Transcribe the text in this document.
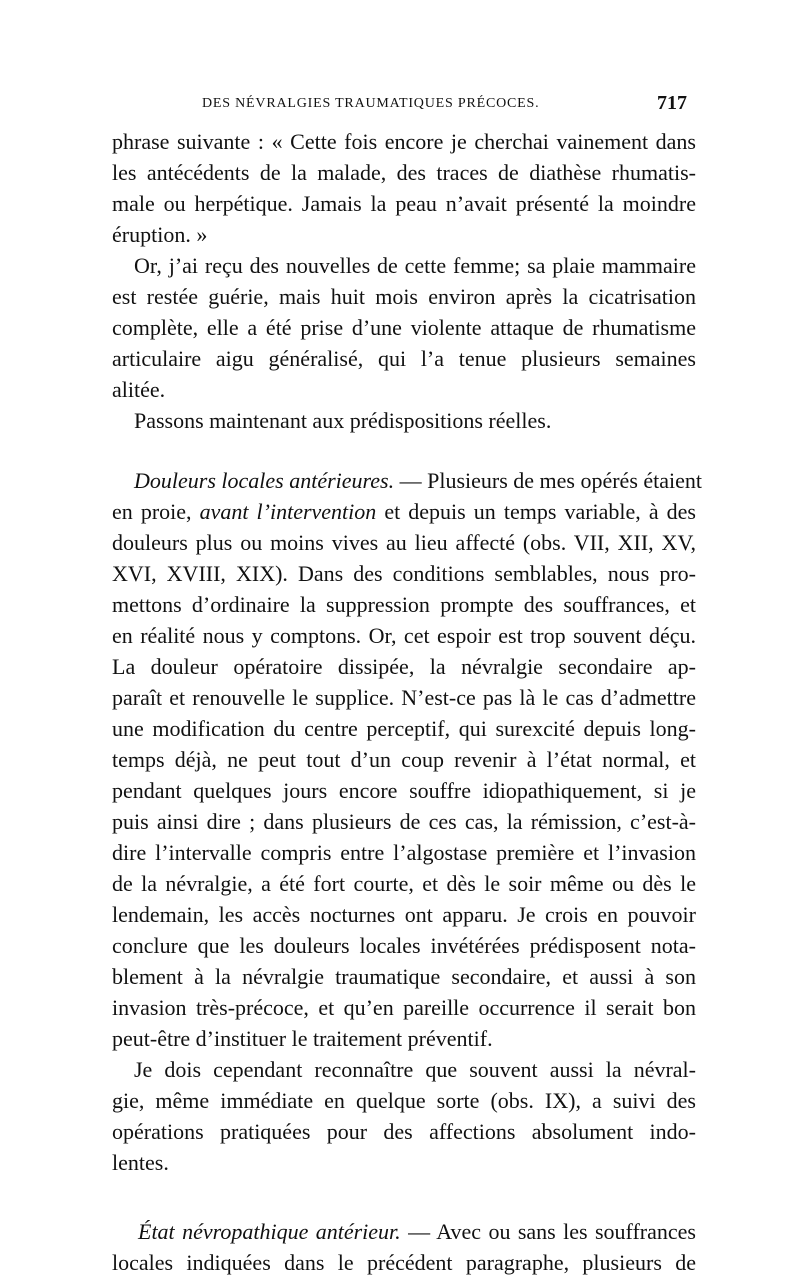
DES NÉVRALGIES TRAUMATIQUES PRÉCOCES.	717
phrase suivante : « Cette fois encore je cherchai vainement dans
les antécédents de la malade, des traces de diathèse rhumatis-
male ou herpétique. Jamais la peau n’avait présenté la moindre
éruption. »
Or, j’ai reçu des nouvelles de cette femme; sa plaie mammaire
est restée guérie, mais huit mois environ après la cicatrisation
complète, elle a été prise d’une violente attaque de rhumatisme
articulaire aigu généralisé, qui l’a tenue plusieurs semaines
alitée.
Passons maintenant aux prédispositions réelles.
Douleurs locales antérieures. — Plusieurs de mes opérés étaient
en proie, avant l’intervention et depuis un temps variable, à des
douleurs plus ou moins vives au lieu affecté (obs. VII, XII, XV,
XVI, XVIII, XIX). Dans des conditions semblables, nous pro-
mettons d’ordinaire la suppression prompte des souffrances, et
en réalité nous y comptons. Or, cet espoir est trop souvent déçu.
La douleur opératoire dissipée, la névralgie secondaire ap-
paraît et renouvelle le supplice. N’est-ce pas là le cas d’admettre
une modification du centre perceptif, qui surexcité depuis long-
temps déjà, ne peut tout d’un coup revenir à l’état normal, et
pendant quelques jours encore souffre idiopathiquement, si je
puis ainsi dire ; dans plusieurs de ces cas, la rémission, c’est-à-
dire l’intervalle compris entre l’algostase première et l’invasion
de la névralgie, a été fort courte, et dès le soir même ou dès le
lendemain, les accès nocturnes ont apparu. Je crois en pouvoir
conclure que les douleurs locales invétérées prédisposent nota-
blement à la névralgie traumatique secondaire, et aussi à son
invasion très-précoce, et qu’en pareille occurrence il serait bon
peut-être d’instituer le traitement préventif.
Je dois cependant reconnaître que souvent aussi la névral-
gie, même immédiate en quelque sorte (obs. IX), a suivi des
opérations pratiquées pour des affections absolument indo-
lentes.
État névropathique antérieur. — Avec ou sans les souffrances
locales indiquées dans le précédent paragraphe, plusieurs de
